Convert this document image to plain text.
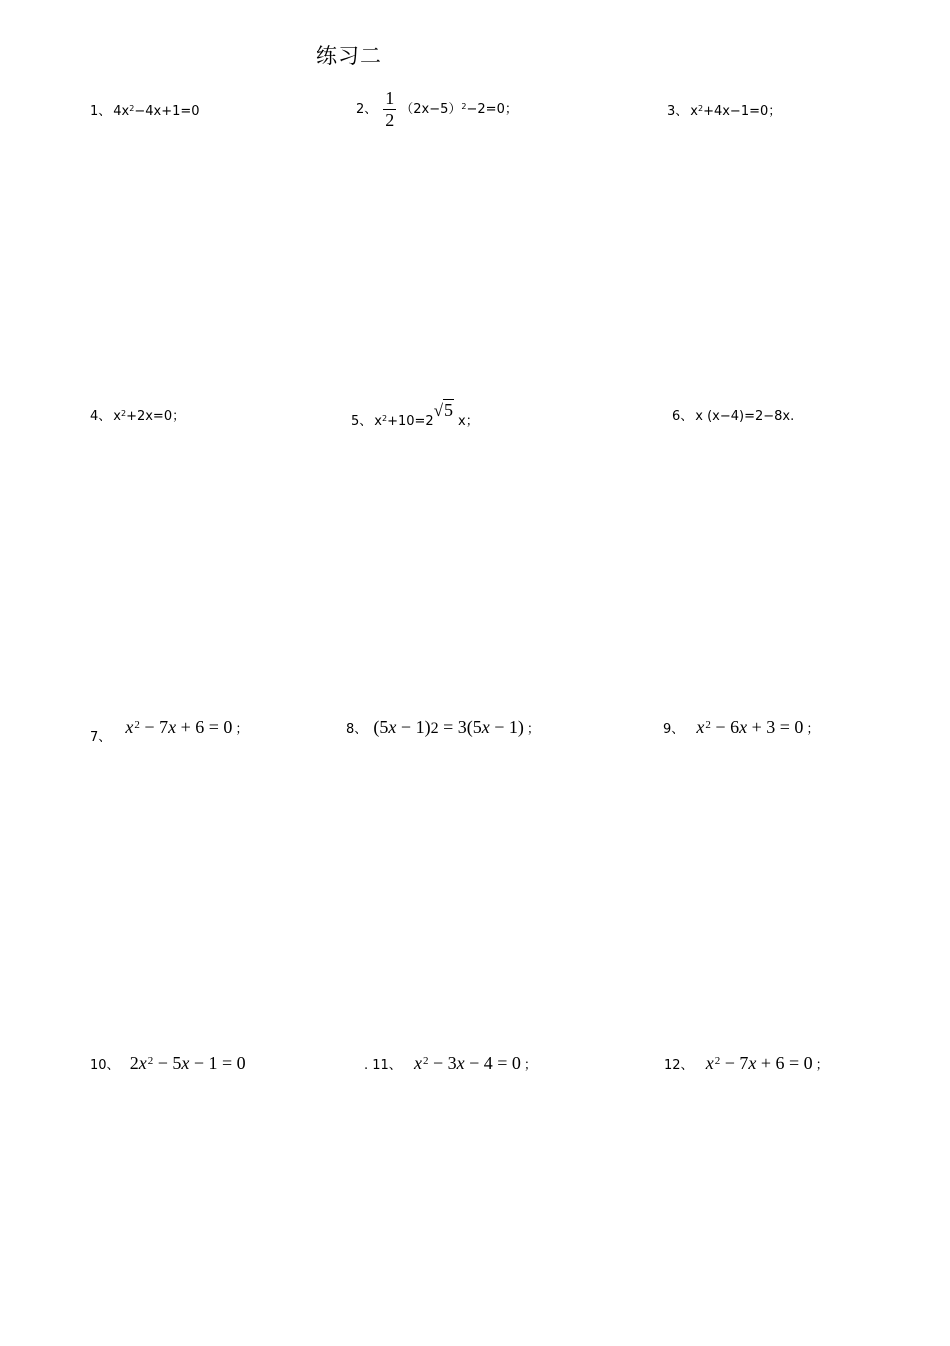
练习二
1、 $4x^2-4x+1=0$	2、 $\frac{1}{2} (2x-5)^2-2=0$；	3、 $x^2+4x-1=0$；
4、 $x^2+2x=0$；	5、 $x^2+10=2√5x$；	6、 x (x−4)=2−8x.
7、 $x^2 - 7x + 6 = 0$ ；	8、 (5x − 1)2 = 3(5x − 1) ；	9、 $x^2 - 6x + 3 = 0$ ；
10、 $2x^2 - 5x - 1 = 0$	. 11、 $x^2 - 3x - 4 = 0$ ；	12、 $x^2 - 7x + 6 = 0$ ；
